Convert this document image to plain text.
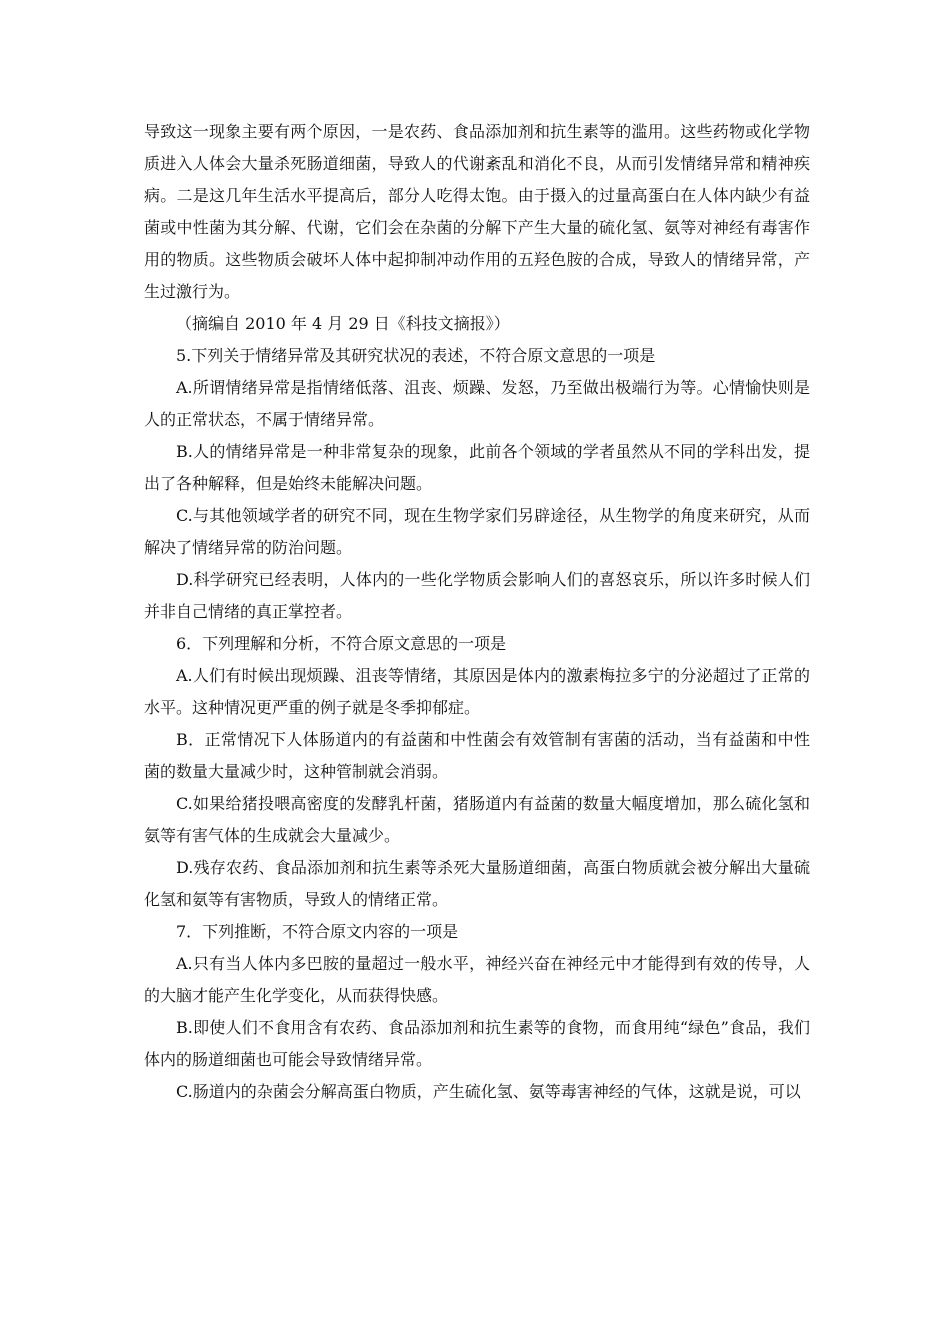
导致这一现象主要有两个原因，一是农药、食品添加剂和抗生素等的滥用。这些药物或化学物质进入人体会大量杀死肠道细菌，导致人的代谢紊乱和消化不良，从而引发情绪异常和精神疾病。二是这几年生活水平提高后，部分人吃得太饱。由于摄入的过量高蛋白在人体内缺少有益菌或中性菌为其分解、代谢，它们会在杂菌的分解下产生大量的硫化氢、氨等对神经有毒害作用的物质。这些物质会破坏人体中起抑制冲动作用的五羟色胺的合成，导致人的情绪异常，产生过激行为。

（摘编自 2010 年 4 月 29 日《科技文摘报》）

5.下列关于情绪异常及其研究状况的表述，不符合原文意思的一项是

A.所谓情绪异常是指情绪低落、沮丧、烦躁、发怒，乃至做出极端行为等。心情愉快则是人的正常状态，不属于情绪异常。

B.人的情绪异常是一种非常复杂的现象，此前各个领域的学者虽然从不同的学科出发，提出了各种解释，但是始终未能解决问题。

C.与其他领域学者的研究不同，现在生物学家们另辟途径，从生物学的角度来研究，从而解决了情绪异常的防治问题。

D.科学研究已经表明，人体内的一些化学物质会影响人们的喜怒哀乐，所以许多时候人们并非自己情绪的真正掌控者。

6．下列理解和分析，不符合原文意思的一项是

A.人们有时候出现烦躁、沮丧等情绪，其原因是体内的激素梅拉多宁的分泌超过了正常的水平。这种情况更严重的例子就是冬季抑郁症。

B．正常情况下人体肠道内的有益菌和中性菌会有效管制有害菌的活动，当有益菌和中性菌的数量大量减少时，这种管制就会消弱。

C.如果给猪投喂高密度的发酵乳杆菌，猪肠道内有益菌的数量大幅度增加，那么硫化氢和氨等有害气体的生成就会大量减少。

D.残存农药、食品添加剂和抗生素等杀死大量肠道细菌，高蛋白物质就会被分解出大量硫化氢和氨等有害物质，导致人的情绪正常。

7．下列推断，不符合原文内容的一项是

A.只有当人体内多巴胺的量超过一般水平，神经兴奋在神经元中才能得到有效的传导，人的大脑才能产生化学变化，从而获得快感。

B.即使人们不食用含有农药、食品添加剂和抗生素等的食物，而食用纯“绿色”食品，我们体内的肠道细菌也可能会导致情绪异常。

C.肠道内的杂菌会分解高蛋白物质，产生硫化氢、氨等毒害神经的气体，这就是说，可以
